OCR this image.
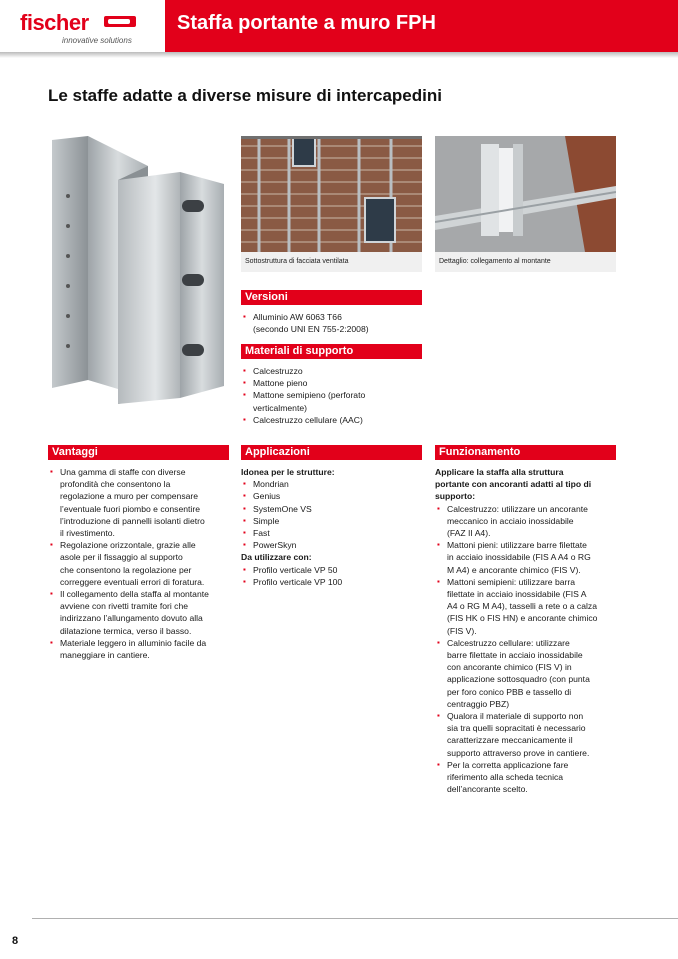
fischer
innovative solutions
Staffa portante a muro FPH
Le staffe adatte a diverse misure di intercapedini
Sottostruttura di facciata ventilata	Dettaglio: collegamento al montante
Versioni
▪ Alluminio AW 6063 T66
(secondo UNI EN 755-2:2008)
Materiali di supporto
▪ Calcestruzzo
▪ Mattone pieno
▪ Mattone semipieno (perforato
verticalmente)
▪ Calcestruzzo cellulare (AAC)
Vantaggi
▪ Una gamma di staffe con diverse
profondità che consentono la
regolazione a muro per compensare
l’eventuale fuori piombo e consentire
l’introduzione di pannelli isolanti dietro
il rivestimento.
▪ Regolazione orizzontale, grazie alle
asole per il fissaggio al supporto
che consentono la regolazione per
correggere eventuali errori di foratura.
▪ Il collegamento della staffa al montante
avviene con rivetti tramite fori che
indirizzano l’allungamento dovuto alla
dilatazione termica, verso il basso.
▪ Materiale leggero in alluminio facile da
maneggiare in cantiere.
Applicazioni
Idonea per le strutture:
▪ Mondrian
▪ Genius
▪ SystemOne VS
▪ Simple
▪ Fast
▪ PowerSkyn
Da utilizzare con:
▪ Profilo verticale VP 50
▪ Profilo verticale VP 100
Funzionamento
Applicare la staffa alla struttura
portante con ancoranti adatti al tipo di
supporto:
▪ Calcestruzzo: utilizzare un ancorante
meccanico in acciaio inossidabile
(FAZ II A4).
▪ Mattoni pieni: utilizzare barre filettate
in acciaio inossidabile (FIS A A4 o RG
M A4) e ancorante chimico (FIS V).
▪ Mattoni semipieni: utilizzare barra
filettate in acciaio inossidabile (FIS A
A4 o RG M A4), tasselli a rete o a calza
(FIS HK o FIS HN) e ancorante chimico
(FIS V).
▪ Calcestruzzo cellulare: utilizzare
barre filettate in acciaio inossidabile
con ancorante chimico (FIS V) in
applicazione sottosquadro (con punta
per foro conico PBB e tassello di
centraggio PBZ)
▪ Qualora il materiale di supporto non
sia tra quelli sopracitati è necessario
caratterizzare meccanicamente il
supporto attraverso prove in cantiere.
▪ Per la corretta applicazione fare
riferimento alla scheda tecnica
dell’ancorante scelto.
8
